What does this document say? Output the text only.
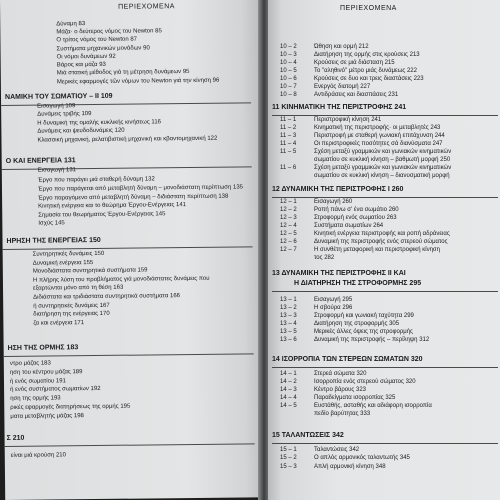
ΠΕΡΙΕΧΟΜΕΝΑ
Δύναμη 83
Μάζα· ο δεύτερος νόμος του Newton 85
Ο τρίτος νόμος του Newton 87
Συστήματα μηχανικών μονάδων 90
Οι νόμοι δυνάμεων 92
Βάρος και μάζα 93
Μιά στατική μέθοδος γιά τη μέτρηση δυνάμεων 95
Μερικές εφαρμογές τῶν νόμων του Newton γιά την κίνηση 96
ΝΑΜΙΚΗ ΤΟΥ ΣΩΜΑΤΙΟΥ – II 109
Εισαγωγή 109
Δυνάμεις τριβής 109
Η δυναμική της ομαλής κυκλικής κινήσεως 116
Δυνάμεις και ψευδοδυνάμεις 120
Κλασσική μηχανική, ρελατιβιστική μηχανική και κβαντομηχανική 122
Ο ΚΑΙ ΕΝΕΡΓΕΙΑ 131
Εισαγωγή 131
Έργο που παράγει μιά σταθερή δύναμη 132
Έργο που παράγεται από μεταβλητή δύναμη – μονοδιάστατη περίπτωση 135
Έργο παραγόμενο από μεταβλητή δύναμη – διδιάστατη περίπτωση 138
Κινητική ενέργεια και το θεώρημα Έργου-Ενέργειας 141
Σημασία του θεωρήματος Έργου-Ενέργειας 145
Ισχύς 145
ΗΡΗΣΗ ΤΗΣ ΕΝΕΡΓΕΙΑΣ 150
Συντηρητικές δυνάμεις 150
Δυναμική ενέργεια 155
Μονοδιάστατα συντηρητικά συστήματα 159
Η πλήρης λύση του προβλήματος γιά μονοδιάστατες δυνάμεις που
εξαρτώνται μόνο από τη θέση 163
Διδιάστατα και τριδιάστατα συντηρητικά συστήματα 166
ή συντηρητικές δυνάμεις 167
διατήρηση της ενέργειας 170
ζα και ενέργεια 171
ΗΣΗ ΤΗΣ ΟΡΜΗΣ 183
ντρο μάζας 183
ηση του κέντρου μάζας 189
ή ενός σωματίου 191
ή ενός συστήματος σωματίων 192
ηση της ορμής 193
ρικές εφαρμογές διατηρήσεως της ορμής 195
ματα μεταβλητής μάζας 198
Σ 210
είναι μιά κρούση 210
ΠΕΡΙΕΧΟΜΕΝΑ
10 – 2	Ώθηση και ορμή 212
10 – 3	Διατήρηση της ορμής στις κρούσεις 213
10 – 4	Κρούσεις σε μιά διάσταση 215
10 – 5	Το "αληθινό" μέτρο μιάς δυνάμεως 222
10 – 6	Κρούσεις σε δυο και τρεις διαστάσεις 223
10 – 7	Ενεργός διατομή 227
10 – 8	Αντιδράσεις και διασπάσεις 231
11 ΚΙΝΗΜΑΤΙΚΗ ΤΗΣ ΠΕΡΙΣΤΡΟΦΗΣ 241
11 – 1	Περιστροφική κίνηση 241
11 – 2	Κινηματική της περιστροφής· οι μεταβλητές 243
11 – 3	Περιστροφή με σταθερή γωνιακή επιτάχυνση 244
11 – 4	Οι περιστροφικές ποσότητες σά διανύσματα 247
11 – 5	Σχέση μεταξύ γραμμικών και γωνιακών κινηματικών
σωματίου σε κυκλική κίνηση – βαθμωτή μορφή 250
11 – 6	Σχέση μεταξύ γραμμικών και γωνιακών κινηματικών
σωματίου σε κυκλική κίνηση – διανυσματική μορφή
12 ΔΥΝΑΜΙΚΗ ΤΗΣ ΠΕΡΙΣΤΡΟΦΗΣ Ι 260
12 – 1	Εισαγωγή 260
12 – 2	Ροπή πάνω σ' ένα σωμάτιο 260
12 – 3	Στροφορμή ενός σωματίου 263
12 – 4	Συστήματα σωματίων 264
12 – 5	Κινητική ενέργεια περιστροφής και ροπή αδράνειας
12 – 6	Δυναμική της περιστροφής ενός στερεού σώματος
12 – 7	Η συνθέτη μεταφορική και περιστροφική κίνηση
τος 282
13 ΔΥΝΑΜΙΚΗ ΤΗΣ ΠΕΡΙΣΤΡΟΦΗΣ ΙΙ ΚΑΙ
Η ΔΙΑΤΗΡΗΣΗ ΤΗΣ ΣΤΡΟΦΟΡΜΗΣ 295
13 – 1	Εισαγωγή 295
13 – 2	Η σβούρα 296
13 – 3	Στροφορμή και γωνιακή ταχύτητα 299
13 – 4	Διατήρηση της στροφορμής 305
13 – 5	Μερικές άλλες όψεις της στροφορμής
13 – 6	Δυναμική της περιστροφής – περίληψη 312
14 ΙΣΟΡΡΟΠΙΑ ΤΩΝ ΣΤΕΡΕΩΝ ΣΩΜΑΤΩΝ 320
14 – 1	Στερεά σώματα 320
14 – 2	Ισορροπία ενός στερεού σώματος 320
14 – 3	Κέντρο βάρους 323
14 – 4	Παραδείγματα ισορροπίας 325
14 – 5	Ευστάθής, ασταθής και αδιάφορη ισορροπία
πεδίο βαρύτητας 333
15 ΤΑΛΑΝΤΩΣΕΙΣ 342
15 – 1	Ταλαντώσεις 342
15 – 2	Ο απλός αρμονικός ταλαντωτής 345
15 – 3	Απλή αρμονική κίνηση 348
